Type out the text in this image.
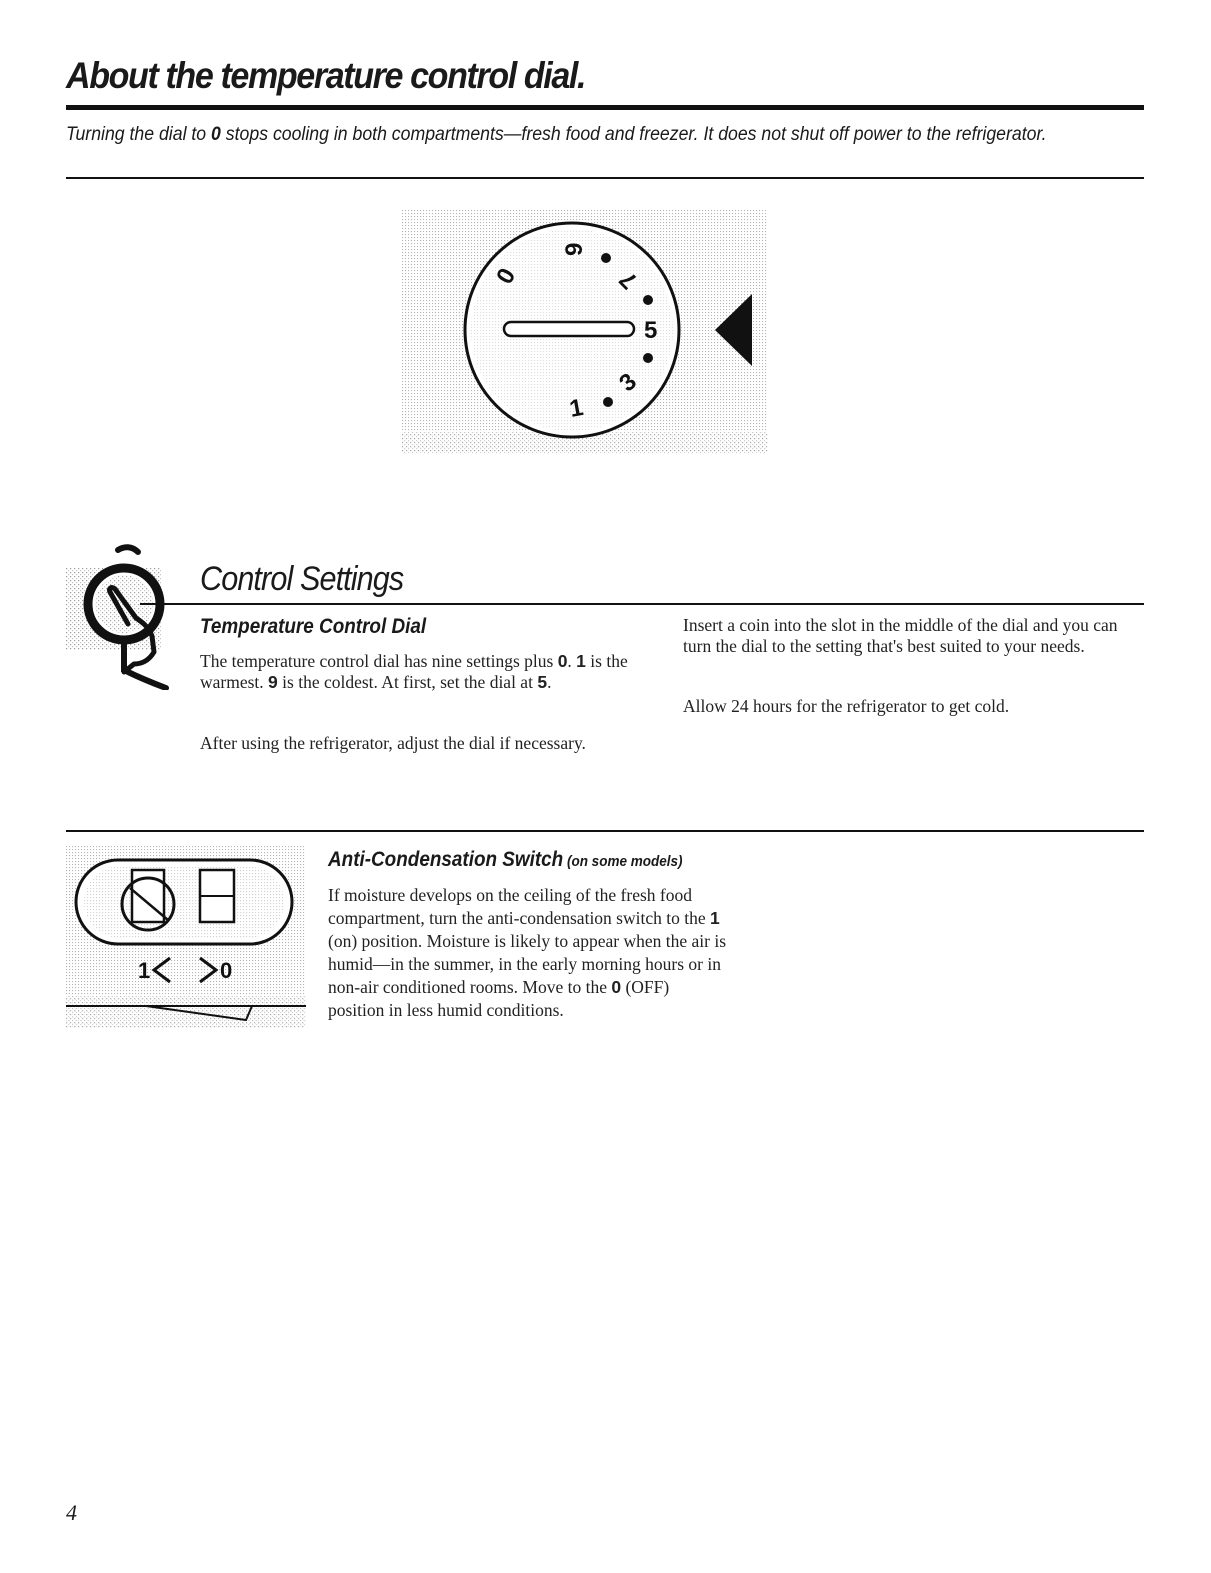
About the temperature control dial.
Turning the dial to 0 stops cooling in both compartments—fresh food and freezer. It does not shut off power to the refrigerator.
0
9
7
5
3
1
Control Settings
Temperature Control Dial
The temperature control dial has nine settings plus 0. 1 is the warmest. 9 is the coldest. At first, set the dial at 5.
After using the refrigerator, adjust the dial if necessary.
Insert a coin into the slot in the middle of the dial and you can turn the dial to the setting that's best suited to your needs.
Allow 24 hours for the refrigerator to get cold.
1	0
Anti-Condensation Switch (on some models)
If moisture develops on the ceiling of the fresh food compartment, turn the anti-condensation switch to the 1 (on) position. Moisture is likely to appear when the air is humid—in the summer, in the early morning hours or in non-air conditioned rooms. Move to the 0 (OFF) position in less humid conditions.
4
